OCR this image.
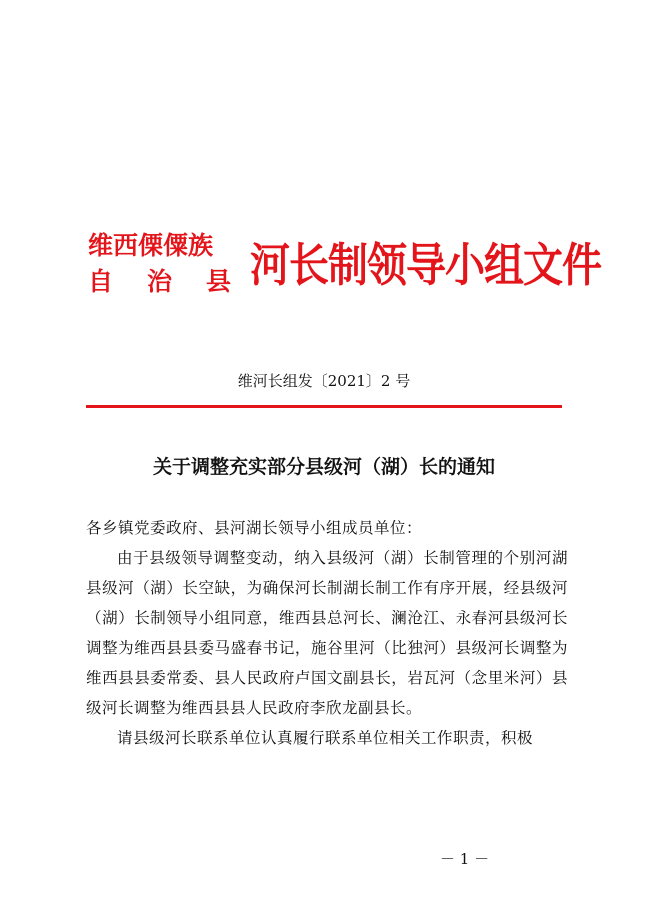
维西傈僳族
自 治 县 河长制领导小组文件
维河长组发〔2021〕2 号
关于调整充实部分县级河（湖）长的通知

各乡镇党委政府、县河湖长领导小组成员单位：

由于县级领导调整变动，纳入县级河（湖）长制管理的个别河湖县级河（湖）长空缺，为确保河长制湖长制工作有序开展，经县级河（湖）长制领导小组同意，维西县总河长、澜沧江、永春河县级河长调整为维西县县委马盛春书记，施谷里河（比独河）县级河长调整为维西县县委常委、县人民政府卢国文副县长，岩瓦河（念里米河）县级河长调整为维西县县人民政府李欣龙副县长。

请县级河长联系单位认真履行联系单位相关工作职责，积极

－ 1 －
